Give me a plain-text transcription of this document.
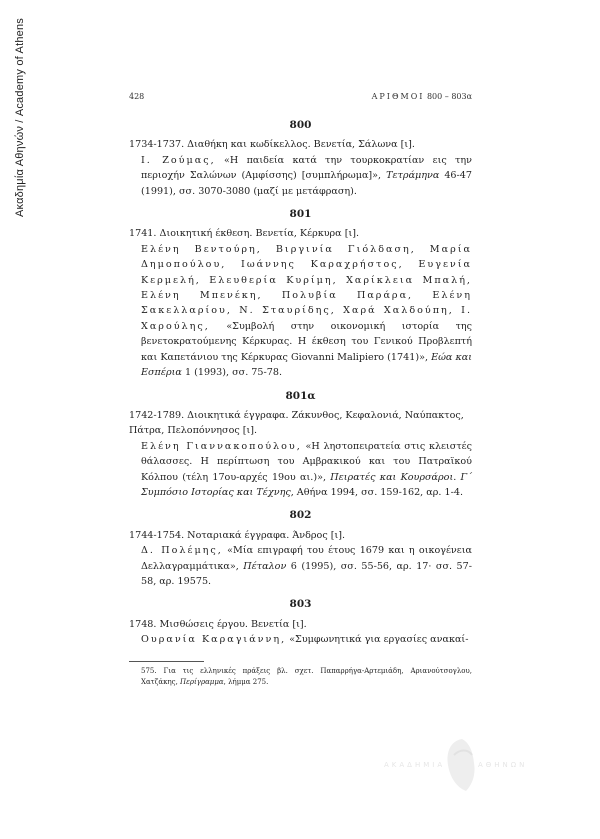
Ακαδημία Αθηνών / Academy of Athens	428	ΑΡΙΘΜΟΙ 800 – 803α

800

1734-1737. Διαθήκη και κωδίκελλος. Βενετία, Σάλωνα [ι].

Ι. Ζούμας, «Η παιδεία κατά την τουρκοκρατίαν εις την περιοχήν Σαλώνων (Αμφίσσης) [συμπλήρωμα]», Τετράμηνα 46-47 (1991), σσ. 3070-3080 (μαζί με μετάφραση).

801

1741. Διοικητική έκθεση. Βενετία, Κέρκυρα [ι].

Ελένη Βεντούρη, Βιργινία Γιόλδαση, Μαρία Δημοπούλου, Ιωάννης Καραχρήστος, Ευγενία Κερμελή, Ελευθερία Κυρίμη, Χαρίκλεια Μπαλή, Ελένη Μπενέκη, Πολυβία Παράρα, Ελένη Σακελλαρίου, Ν. Σταυρίδης, Χαρά Χαλδούπη, Ι. Χαρούλης, «Συμβολή στην οικονομική ιστορία της βενετοκρατούμενης Κέρκυρας. Η έκθεση του Γενικού Προβλεπτή και Καπετάνιου της Κέρκυρας Giovanni Malipiero (1741)», Εώα και Εσπέρια 1 (1993), σσ. 75-78.

801α

1742-1789. Διοικητικά έγγραφα. Ζάκυνθος, Κεφαλονιά, Ναύπακτος, Πάτρα, Πελοπόννησος [ι].

Ελένη Γιαννακοπούλου, «Η ληστοπειρατεία στις κλειστές θάλασσες. Η περίπτωση του Αμβρακικού και του Πατραϊκού Κόλπου (τέλη 17ου-αρχές 19ου αι.)», Πειρατές και Κουρσάροι. Γ΄ Συμπόσιο Ιστορίας και Τέχνης, Αθήνα 1994, σσ. 159-162, αρ. 1-4.

802

1744-1754. Νοταριακά έγγραφα. Άνδρος [ι].

Δ. Πολέμης, «Μία επιγραφή του έτους 1679 και η οικογένεια Δελλαγραμμάτικα», Πέταλον 6 (1995), σσ. 55-56, αρ. 17· σσ. 57-58, αρ. 19575.

803

1748. Μισθώσεις έργου. Βενετία [ι].

Ουρανία Καραγιάννη, «Συμφωνητικά για εργασίες ανακαί-

575. Για τις ελληνικές πράξεις βλ. σχετ. Παπαρρήγα-Αρτεμιάδη, Αριανούτσογλου, Χατζάκης, Περίγραμμα, λήμμα 275.
ΑΚΑΔΗΜΙΑ	ΑΘΗΝΩΝ
